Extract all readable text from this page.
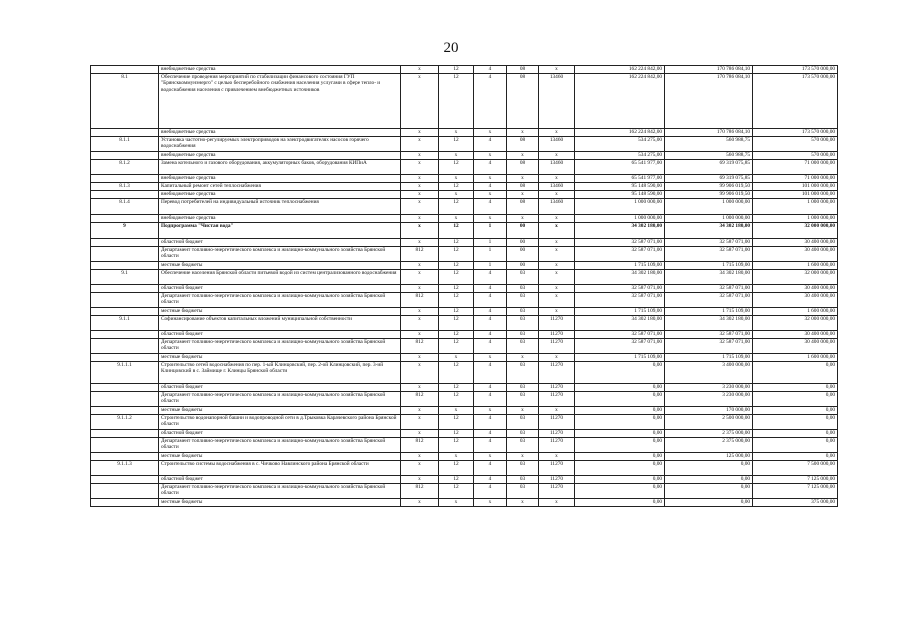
20
	внебюджетные средства	x	12	4	08	x	162 224 842,00	170 786 084,10	173 570 000,00
8.1	Обеспечение проведения мероприятий по стабилизации финансового состояния ГУП "Брянсккоммунэнерго" с целью бесперебойного снабжения населения услугами в сфере тепло- и водоснабжения населения с привлечением внебюджетных источников	x	12	4	08	13460	162 224 842,00	170 786 084,10	173 570 000,00
	внебюджетные средства	x	x	x	x	x	162 224 842,00	170 786 084,10	173 570 000,00
8.1.1	Установка частотно-регулируемых электроприводов на электродвигателях насосов горячего водоснабжения	x	12	4	08	13460	534 275,00	560 988,75	570 000,00
	внебюджетные средства	x	x	x	x	x	534 275,00	560 988,75	570 000,00
8.1.2	Замена котельного и газового оборудования, аккумуляторных баков, оборудования КИПиА	x	12	4	08	13460	65 541 977,00	69 319 075,85	71 000 000,00
	внебюджетные средства	x	x	x	x	x	65 541 977,00	69 319 075,85	71 000 000,00
8.1.3	Капитальный ремонт сетей теплоснабжения	x	12	4	08	13460	95 148 590,00	99 906 019,50	101 000 000,00
	внебюджетные средства	x	x	x	x	x	95 148 590,00	99 906 019,50	101 000 000,00
8.1.4	Перевод потребителей на индивидуальный источник теплоснабжения	x	12	4	08	13460	1 000 000,00	1 000 000,00	1 000 000,00
	внебюджетные средства	x	x	x	x	x	1 000 000,00	1 000 000,00	1 000 000,00
9	Подпрограмма "Чистая вода"	x	12	1	00	x	34 302 180,00	34 302 180,00	32 000 000,00
	областной бюджет	x	12	1	00	x	32 587 071,00	32 587 071,00	30 400 000,00
	Департамент топливно-энергетического комплекса и жилищно-коммунального хозяйства Брянской области	812	12	1	00	x	32 587 071,00	32 587 071,00	30 400 000,00
	местные бюджеты	x	12	1	00	x	1 715 109,00	1 715 109,00	1 600 000,00
9.1	Обеспечение населения Брянской области питьевой водой из систем централизованного водоснабжения	x	12	4	03	x	34 302 180,00	34 302 180,00	32 000 000,00
	областной бюджет	x	12	4	03	x	32 587 071,00	32 587 071,00	30 400 000,00
	Департамент топливно-энергетического комплекса и жилищно-коммунального хозяйства Брянской области	812	12	4	03	x	32 587 071,00	32 587 071,00	30 400 000,00
	местные бюджеты	x	12	4	03	x	1 715 109,00	1 715 109,00	1 600 000,00
9.1.1	Софинансирование объектов капитальных вложений муниципальной собственности	x	12	4	03	11270	34 302 180,00	34 302 180,00	32 000 000,00
	областной бюджет	x	12	4	03	11270	32 587 071,00	32 587 071,00	30 400 000,00
	Департамент топливно-энергетического комплекса и жилищно-коммунального хозяйства Брянской области	812	12	4	03	11270	32 587 071,00	32 587 071,00	30 400 000,00
	местные бюджеты	x	x	x	x	x	1 715 109,00	1 715 109,00	1 600 000,00
9.1.1.1	Строительство сетей водоснабжения по пер. 1-ый Клинцовский, пер. 2-ой Клинцовский, пер. 3-ий Клинцовский в с. Займище г. Клинцы Брянской области	x	12	4	03	11270	0,00	3 400 000,00	0,00
	областной бюджет	x	12	4	03	11270	0,00	3 230 000,00	0,00
	Департамент топливно-энергетического комплекса и жилищно-коммунального хозяйства Брянской области	812	12	4	03	11270	0,00	3 230 000,00	0,00
	местные бюджеты	x	x	x	x	x	0,00	170 000,00	0,00
9.1.1.2	Строительство водонапорной башни и водопроводной сети в д.Трыковка Карачевского района Брянской области	x	12	4	03	11270	0,00	2 500 000,00	0,00
	областной бюджет	x	12	4	03	11270	0,00	2 375 000,00	0,00
	Департамент топливно-энергетического комплекса и жилищно-коммунального хозяйства Брянской области	812	12	4	03	11270	0,00	2 375 000,00	0,00
	местные бюджеты	x	x	x	x	x	0,00	125 000,00	0,00
9.1.1.3	Строительство системы водоснабжения в с. Чичково Навлинского района Брянской области	x	12	4	03	11270	0,00	0,00	7 500 000,00
	областной бюджет	x	12	4	03	11270	0,00	0,00	7 125 000,00
	Департамент топливно-энергетического комплекса и жилищно-коммунального хозяйства Брянской области	812	12	4	03	11270	0,00	0,00	7 125 000,00
	местные бюджеты	x	x	x	x	x	0,00	0,00	375 000,00
